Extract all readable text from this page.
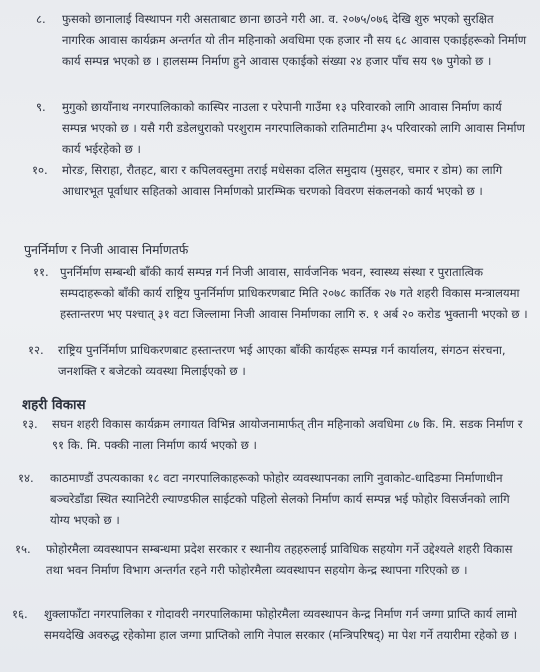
८. फुसको छानालाई विस्थापन गरी असताबाट छाना छाउने गरी आ. व. २०७५/०७६ देखि शुरु भएको सुरक्षित नागरिक आवास कार्यक्रम अन्तर्गत यो तीन महिनाको अवधिमा एक हजार नौ सय ६८ आवास एकाईहरूको निर्माण कार्य सम्पन्न भएको छ । हालसम्म निर्माण हुने आवास एकाईको संख्या २४ हजार पाँच सय ९७ पुगेको छ ।
९. मुगुको छायाँनाथ नगरपालिकाको कास्पिर नाउला र परेपानी गाउँमा १३ परिवारको लागि आवास निर्माण कार्य सम्पन्न भएको छ । यसै गरी डडेलधुराको परशुराम नगरपालिकाको रातिमाटीमा ३५ परिवारको लागि आवास निर्माण कार्य भईरहेको छ ।
१०. मोरङ, सिराहा, रौतहट, बारा र कपिलवस्तुमा तराई मधेसका दलित समुदाय (मुसहर, चमार र डोम) का लागि आधारभूत पूर्वाधार सहितको आवास निर्माणको प्रारम्भिक चरणको विवरण संकलनको कार्य भएको छ ।
पुनर्निर्माण र निजी आवास निर्माणतर्फ
११. पुनर्निर्माण सम्बन्धी बाँकी कार्य सम्पन्न गर्न निजी आवास, सार्वजनिक भवन, स्वास्थ्य संस्था र पुरातात्विक सम्पदाहरूको बाँकी कार्य राष्ट्रिय पुनर्निर्माण प्राधिकरणबाट मिति २०७८ कार्तिक २७ गते शहरी विकास मन्त्रालयमा हस्तान्तरण भए पश्चात् ३१ वटा जिल्लामा निजी आवास निर्माणका लागि रु. १ अर्ब २० करोड भुक्तानी भएको छ ।
१२. राष्ट्रिय पुनर्निर्माण प्राधिकरणबाट हस्तान्तरण भई आएका बाँकी कार्यहरू सम्पन्न गर्न कार्यालय, संगठन संरचना, जनशक्ति र बजेटको व्यवस्था मिलाईएको छ ।
शहरी विकास
१३. सघन शहरी विकास कार्यक्रम लगायत विभिन्न आयोजनामार्फत् तीन महिनाको अवधिमा ८७ कि. मि. सडक निर्माण र ९१ कि. मि. पक्की नाला निर्माण कार्य भएको छ ।
१४. काठमाण्डौं उपत्यकाका १८ वटा नगरपालिकाहरूको फोहोर व्यवस्थापनका लागि नुवाकोट-धादिङमा निर्माणाधीन बञ्चरेडाँडा स्थित स्यानिटेरी ल्याण्डफील साईटको पहिलो सेलको निर्माण कार्य सम्पन्न भई फोहोर विसर्जनको लागि योग्य भएको छ ।
१५. फोहोरमैला व्यवस्थापन सम्बन्धमा प्रदेश सरकार र स्थानीय तहहरुलाई प्राविधिक सहयोग गर्ने उद्देश्यले शहरी विकास तथा भवन निर्माण विभाग अन्तर्गत रहने गरी फोहोरमैला व्यवस्थापन सहयोग केन्द्र स्थापना गरिएको छ ।
१६. शुक्लाफाँटा नगरपालिका र गोदावरी नगरपालिकामा फोहोरमैला व्यवस्थापन केन्द्र निर्माण गर्न जग्गा प्राप्ति कार्य लामो समयदेखि अवरुद्ध रहेकोमा हाल जग्गा प्राप्तिको लागि नेपाल सरकार (मन्त्रिपरिषद्) मा पेश गर्ने तयारीमा रहेको छ ।
